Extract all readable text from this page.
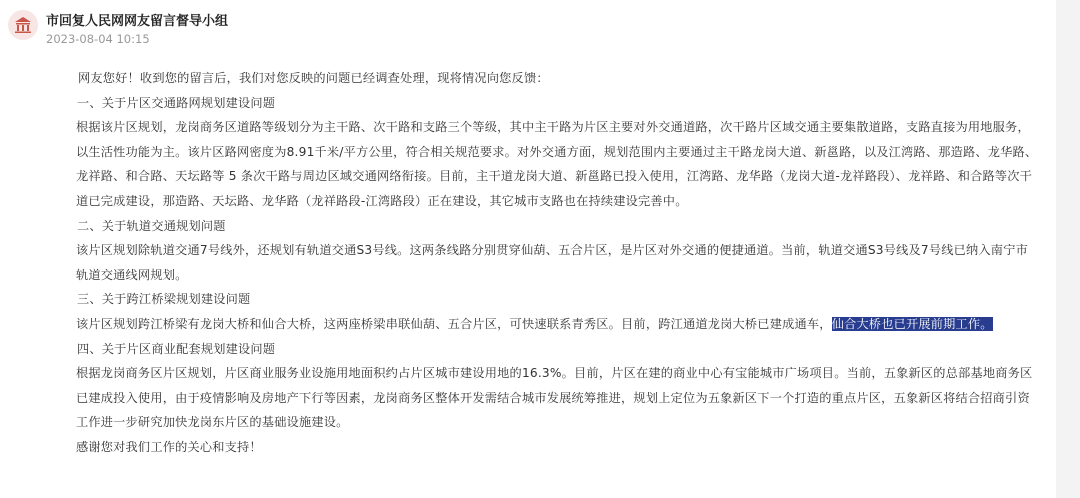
市回复人民网网友留言督导小组
2023-08-04 10:15

网友您好！收到您的留言后，我们对您反映的问题已经调查处理，现将情况向您反馈：

一、关于片区交通路网规划建设问题

根据该片区规划，龙岗商务区道路等级划分为主干路、次干路和支路三个等级，其中主干路为片区主要对外交通道路，次干路片区域交通主要集散道路，支路直接为用地服务，以生活性功能为主。该片区路网密度为8.91千米/平方公里，符合相关规范要求。对外交通方面，规划范围内主要通过主干路龙岗大道、新邕路，以及江湾路、那造路、龙华路、龙祥路、和合路、天坛路等 5 条次干路与周边区域交通网络衔接。目前，主干道龙岗大道、新邕路已投入使用，江湾路、龙华路（龙岗大道-龙祥路段）、龙祥路、和合路等次干道已完成建设，那造路、天坛路、龙华路（龙祥路段-江湾路段）正在建设，其它城市支路也在持续建设完善中。

二、关于轨道交通规划问题

该片区规划除轨道交通7号线外，还规划有轨道交通S3号线。这两条线路分别贯穿仙葫、五合片区，是片区对外交通的便捷通道。当前，轨道交通S3号线及7号线已纳入南宁市轨道交通线网规划。

三、关于跨江桥梁规划建设问题

该片区规划跨江桥梁有龙岗大桥和仙合大桥，这两座桥梁串联仙葫、五合片区，可快速联系青秀区。目前，跨江通道龙岗大桥已建成通车，仙合大桥也已开展前期工作。

四、关于片区商业配套规划建设问题

根据龙岗商务区片区规划，片区商业服务业设施用地面积约占片区城市建设用地的16.3%。目前，片区在建的商业中心有宝能城市广场项目。当前，五象新区的总部基地商务区已建成投入使用，由于疫情影响及房地产下行等因素，龙岗商务区整体开发需结合城市发展统筹推进，规划上定位为五象新区下一个打造的重点片区，五象新区将结合招商引资工作进一步研究加快龙岗东片区的基础设施建设。

感谢您对我们工作的关心和支持！
